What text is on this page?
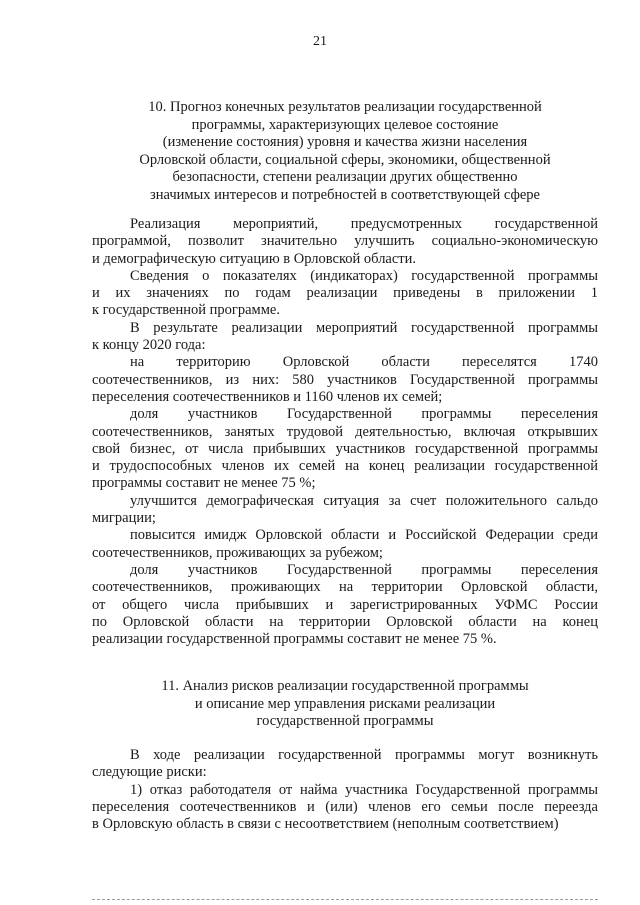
21
10. Прогноз конечных результатов реализации государственной
программы, характеризующих целевое состояние
(изменение состояния) уровня и качества жизни населения
Орловской области, социальной сферы, экономики, общественной
безопасности, степени реализации других общественно
значимых интересов и потребностей в соответствующей сфере
Реализация мероприятий, предусмотренных государственной
программой, позволит значительно улучшить социально-экономическую
и демографическую ситуацию в Орловской области.
Сведения о показателях (индикаторах) государственной программы
и их значениях по годам реализации приведены в приложении 1
к государственной программе.
В результате реализации мероприятий государственной программы
к концу 2020 года:
на территорию Орловской области переселятся 1740
соотечественников, из них: 580 участников Государственной программы
переселения соотечественников и 1160 членов их семей;
доля участников Государственной программы переселения
соотечественников, занятых трудовой деятельностью, включая открывших
свой бизнес, от числа прибывших участников государственной программы
и трудоспособных членов их семей на конец реализации государственной
программы составит не менее 75 %;
улучшится демографическая ситуация за счет положительного сальдо
миграции;
повысится имидж Орловской области и Российской Федерации среди
соотечественников, проживающих за рубежом;
доля участников Государственной программы переселения
соотечественников, проживающих на территории Орловской области,
от общего числа прибывших и зарегистрированных УФМС России
по Орловской области на территории Орловской области на конец
реализации государственной программы составит не менее 75 %.
11. Анализ рисков реализации государственной программы
и описание мер управления рисками реализации
государственной программы
В ходе реализации государственной программы могут возникнуть
следующие риски:
1) отказ работодателя от найма участника Государственной программы
переселения соотечественников и (или) членов его семьи после переезда
в Орловскую область в связи с несоответствием (неполным соответствием)
